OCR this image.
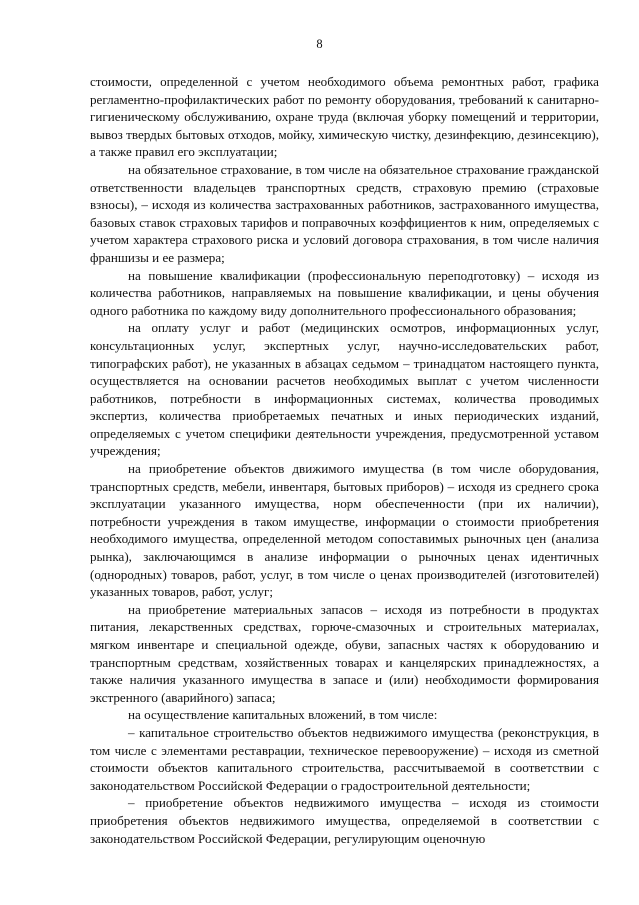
8

стоимости, определенной с учетом необходимого объема ремонтных работ, графика регламентно-профилактических работ по ремонту оборудования, требований к санитарно-гигиеническому обслуживанию, охране труда (включая уборку помещений и территории, вывоз твердых бытовых отходов, мойку, химическую чистку, дезинфекцию, дезинсекцию), а также правил его эксплуатации;

на обязательное страхование, в том числе на обязательное страхование гражданской ответственности владельцев транспортных средств, страховую премию (страховые взносы), – исходя из количества застрахованных работников, застрахованного имущества, базовых ставок страховых тарифов и поправочных коэффициентов к ним, определяемых с учетом характера страхового риска и условий договора страхования, в том числе наличия франшизы и ее размера;

на повышение квалификации (профессиональную переподготовку) – исходя из количества работников, направляемых на повышение квалификации, и цены обучения одного работника по каждому виду дополнительного профессионального образования;

на оплату услуг и работ (медицинских осмотров, информационных услуг, консультационных услуг, экспертных услуг, научно-исследовательских работ, типографских работ), не указанных в абзацах седьмом – тринадцатом настоящего пункта, осуществляется на основании расчетов необходимых выплат с учетом численности работников, потребности в информационных системах, количества проводимых экспертиз, количества приобретаемых печатных и иных периодических изданий, определяемых с учетом специфики деятельности учреждения, предусмотренной уставом учреждения;

на приобретение объектов движимого имущества (в том числе оборудования, транспортных средств, мебели, инвентаря, бытовых приборов) – исходя из среднего срока эксплуатации указанного имущества, норм обеспеченности (при их наличии), потребности учреждения в таком имуществе, информации о стоимости приобретения необходимого имущества, определенной методом сопоставимых рыночных цен (анализа рынка), заключающимся в анализе информации о рыночных ценах идентичных (однородных) товаров, работ, услуг, в том числе о ценах производителей (изготовителей) указанных товаров, работ, услуг;

на приобретение материальных запасов – исходя из потребности в продуктах питания, лекарственных средствах, горюче-смазочных и строительных материалах, мягком инвентаре и специальной одежде, обуви, запасных частях к оборудованию и транспортным средствам, хозяйственных товарах и канцелярских принадлежностях, а также наличия указанного имущества в запасе и (или) необходимости формирования экстренного (аварийного) запаса;

на осуществление капитальных вложений, в том числе:

– капитальное строительство объектов недвижимого имущества (реконструкция, в том числе с элементами реставрации, техническое перевооружение) – исходя из сметной стоимости объектов капитального строительства, рассчитываемой в соответствии с законодательством Российской Федерации о градостроительной деятельности;

– приобретение объектов недвижимого имущества – исходя из стоимости приобретения объектов недвижимого имущества, определяемой в соответствии с законодательством Российской Федерации, регулирующим оценочную
